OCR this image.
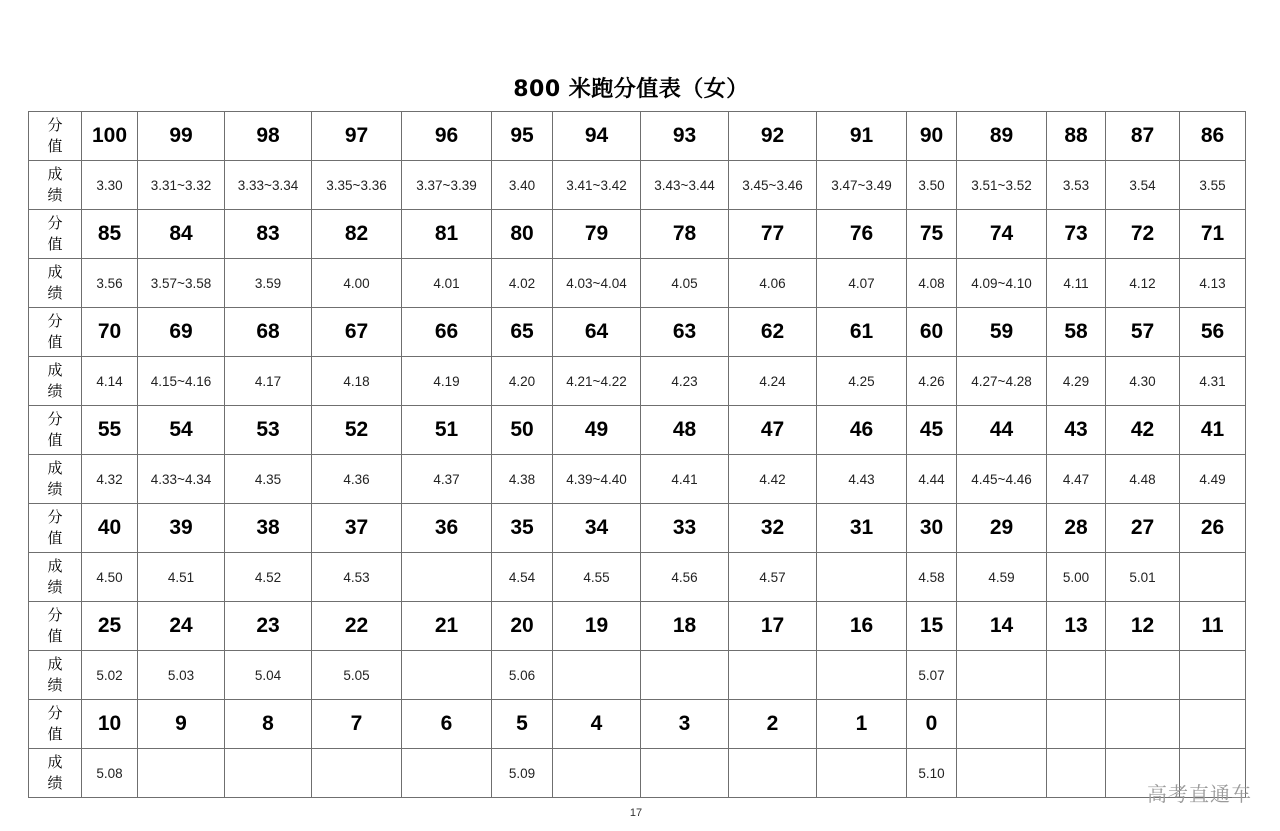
800 米跑分值表（女）
分
值	100	99	98	97	96	95	94	93	92	91	90	89	88	87	86

成
绩	3.30	3.31~3.32	3.33~3.34	3.35~3.36	3.37~3.39	3.40	3.41~3.42	3.43~3.44	3.45~3.46	3.47~3.49	3.50	3.51~3.52	3.53	3.54	3.55

分
值	85	84	83	82	81	80	79	78	77	76	75	74	73	72	71

成
绩	3.56	3.57~3.58	3.59	4.00	4.01	4.02	4.03~4.04	4.05	4.06	4.07	4.08	4.09~4.10	4.11	4.12	4.13

分
值	70	69	68	67	66	65	64	63	62	61	60	59	58	57	56

成
绩	4.14	4.15~4.16	4.17	4.18	4.19	4.20	4.21~4.22	4.23	4.24	4.25	4.26	4.27~4.28	4.29	4.30	4.31

分
值	55	54	53	52	51	50	49	48	47	46	45	44	43	42	41

成
绩	4.32	4.33~4.34	4.35	4.36	4.37	4.38	4.39~4.40	4.41	4.42	4.43	4.44	4.45~4.46	4.47	4.48	4.49

分
值	40	39	38	37	36	35	34	33	32	31	30	29	28	27	26

成
绩	4.50	4.51	4.52	4.53		4.54	4.55	4.56	4.57		4.58	4.59	5.00	5.01	

分
值	25	24	23	22	21	20	19	18	17	16	15	14	13	12	11

成
绩	5.02	5.03	5.04	5.05		5.06					5.07				

分
值	10	9	8	7	6	5	4	3	2	1	0				

成
绩	5.08					5.09					5.10				
17
高考直通车
